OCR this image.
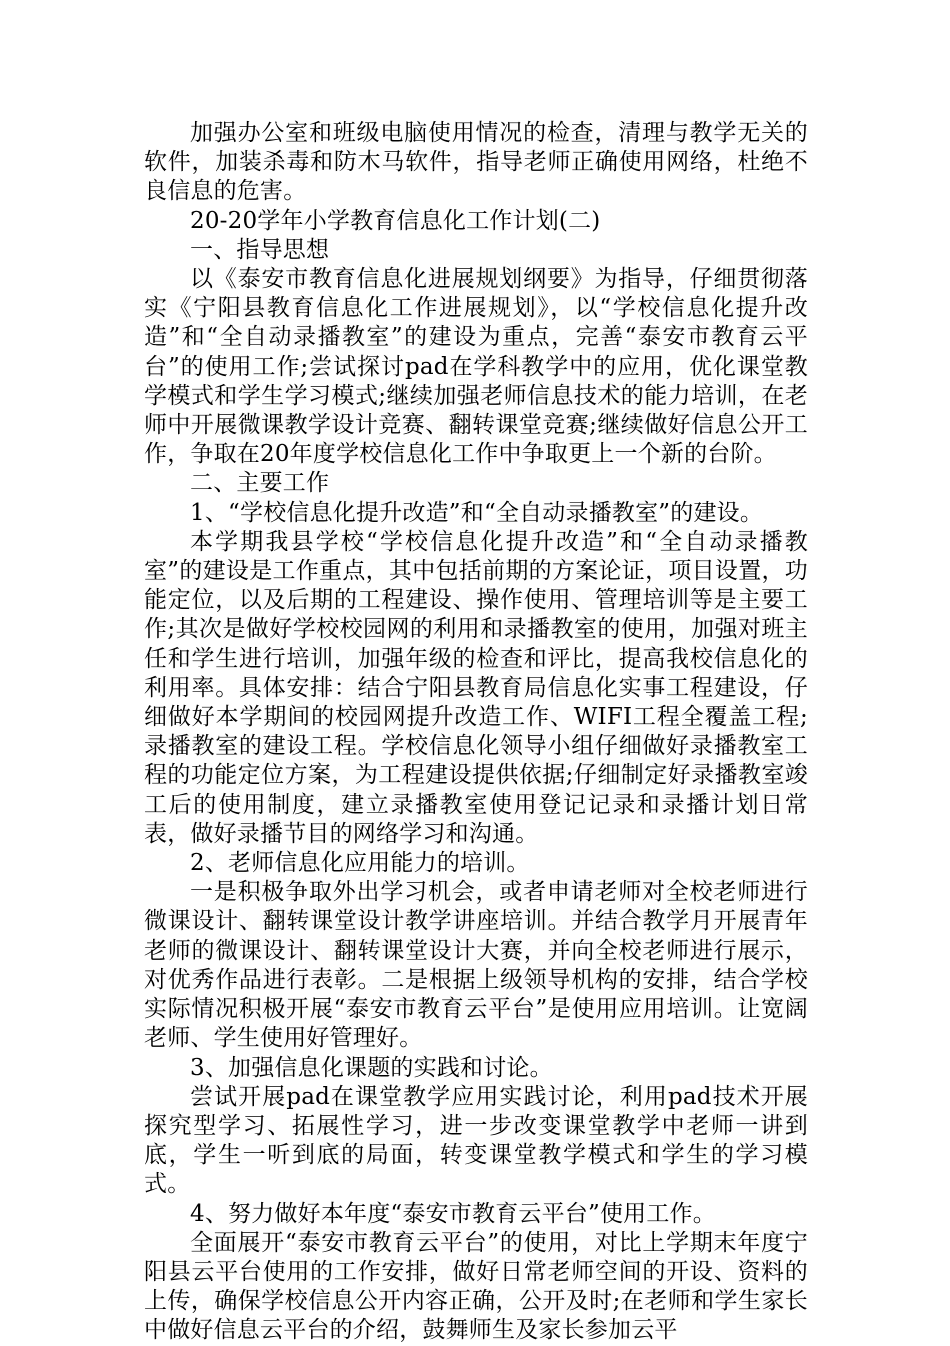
加强办公室和班级电脑使用情况的检查，清理与教学无关的软件，加装杀毒和防木马软件，指导老师正确使用网络，杜绝不良信息的危害。

20-20学年小学教育信息化工作计划(二)

一、指导思想

以《泰安市教育信息化进展规划纲要》为指导，仔细贯彻落实《宁阳县教育信息化工作进展规划》，以“学校信息化提升改造”和“全自动录播教室”的建设为重点，完善“泰安市教育云平台”的使用工作;尝试探讨pad在学科教学中的应用，优化课堂教学模式和学生学习模式;继续加强老师信息技术的能力培训，在老师中开展微课教学设计竞赛、翻转课堂竞赛;继续做好信息公开工作，争取在20年度学校信息化工作中争取更上一个新的台阶。

二、主要工作

1、“学校信息化提升改造”和“全自动录播教室”的建设。

本学期我县学校“学校信息化提升改造”和“全自动录播教室”的建设是工作重点，其中包括前期的方案论证，项目设置，功能定位，以及后期的工程建设、操作使用、管理培训等是主要工作;其次是做好学校校园网的利用和录播教室的使用，加强对班主任和学生进行培训，加强年级的检查和评比，提高我校信息化的利用率。具体安排：结合宁阳县教育局信息化实事工程建设，仔细做好本学期间的校园网提升改造工作、WIFI工程全覆盖工程;录播教室的建设工程。学校信息化领导小组仔细做好录播教室工程的功能定位方案，为工程建设提供依据;仔细制定好录播教室竣工后的使用制度，建立录播教室使用登记记录和录播计划日常表，做好录播节目的网络学习和沟通。

2、老师信息化应用能力的培训。

一是积极争取外出学习机会，或者申请老师对全校老师进行微课设计、翻转课堂设计教学讲座培训。并结合教学月开展青年老师的微课设计、翻转课堂设计大赛，并向全校老师进行展示，对优秀作品进行表彰。二是根据上级领导机构的安排，结合学校实际情况积极开展“泰安市教育云平台”是使用应用培训。让宽阔老师、学生使用好管理好。

3、加强信息化课题的实践和讨论。

尝试开展pad在课堂教学应用实践讨论，利用pad技术开展探究型学习、拓展性学习，进一步改变课堂教学中老师一讲到底，学生一听到底的局面，转变课堂教学模式和学生的学习模式。

4、努力做好本年度“泰安市教育云平台”使用工作。

全面展开“泰安市教育云平台”的使用，对比上学期末年度宁阳县云平台使用的工作安排，做好日常老师空间的开设、资料的上传，确保学校信息公开内容正确，公开及时;在老师和学生家长中做好信息云平台的介绍，鼓舞师生及家长参加云平
